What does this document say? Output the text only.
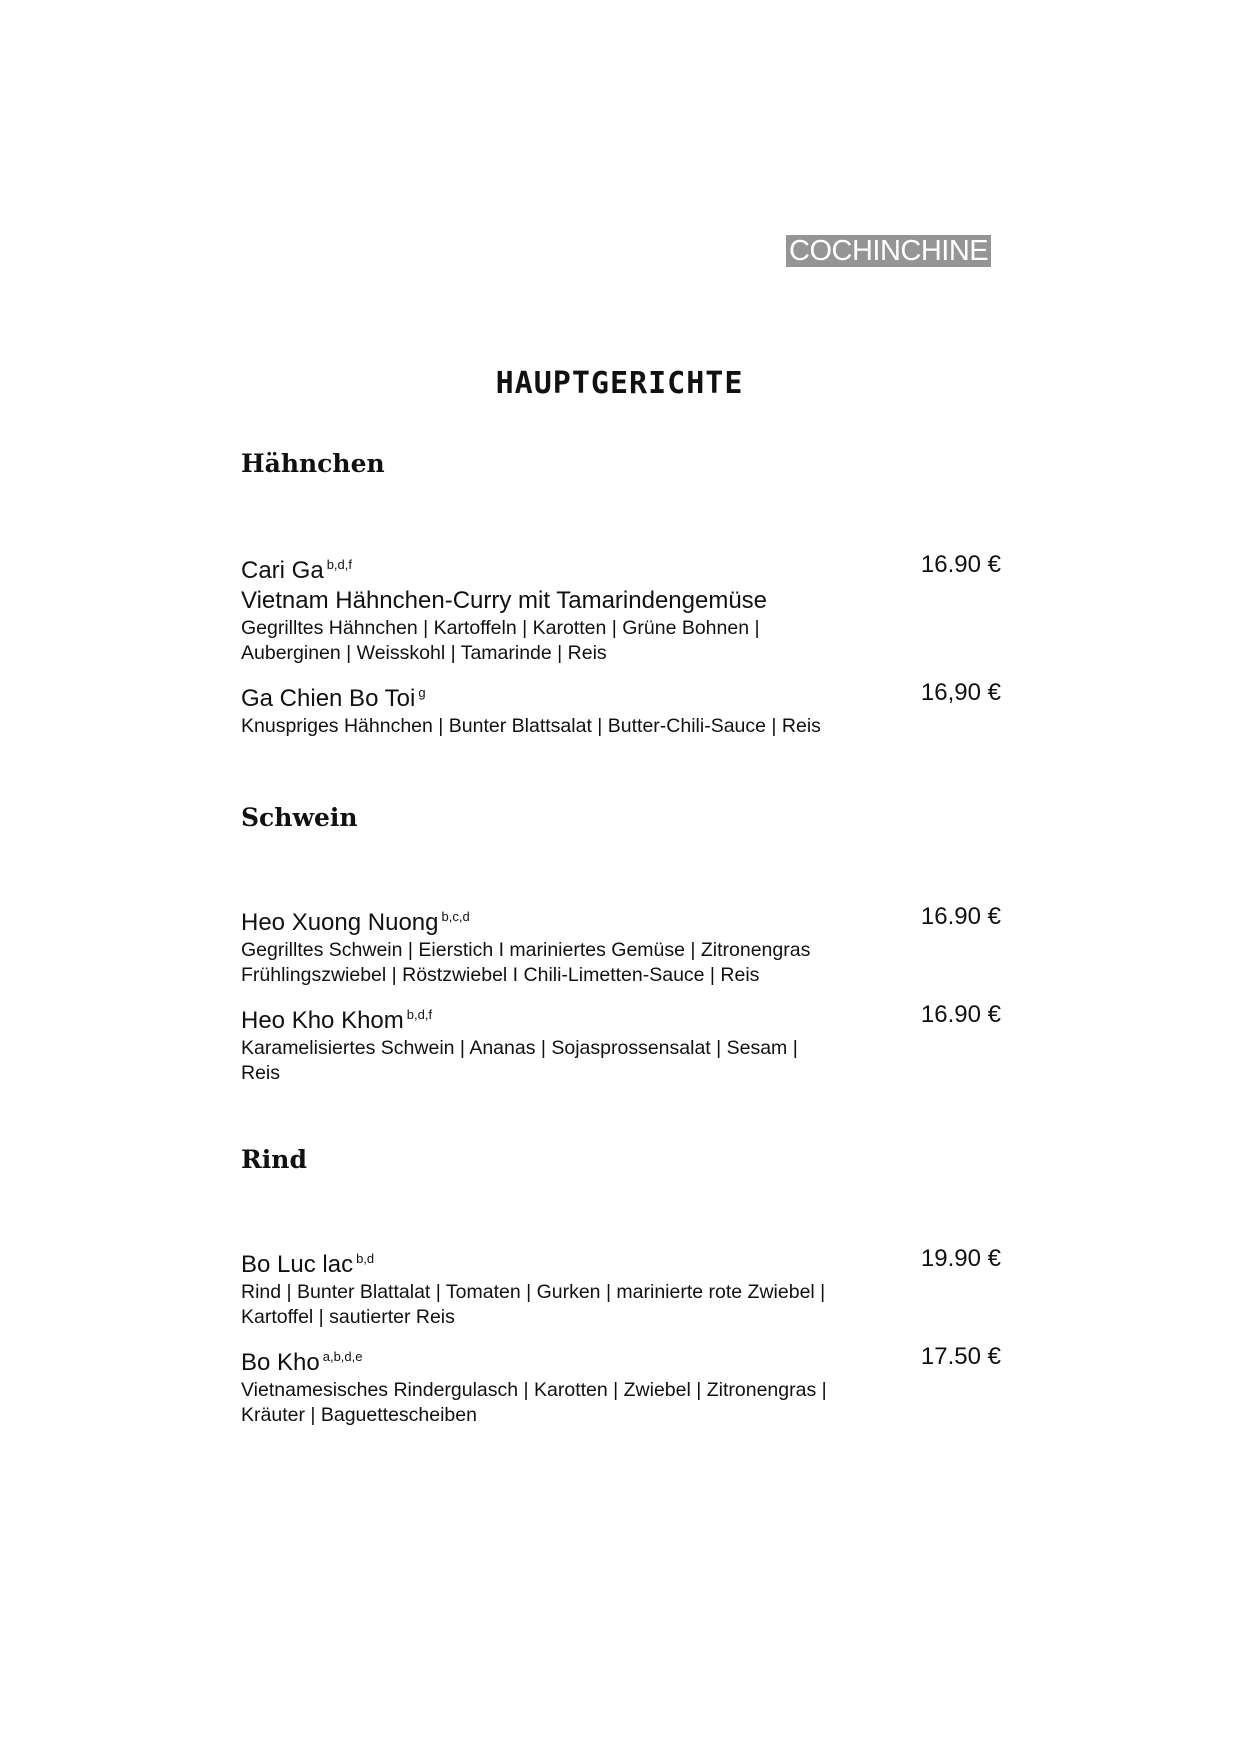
COCHINCHINE
HAUPTGERICHTE
Hähnchen
Cari Ga $^{b,d,f}$
Vietnam Hähnchen-Curry mit Tamarindengemüse
Gegrilltes Hähnchen | Kartoffeln | Karotten | Grüne Bohnen |
Auberginen | Weisskohl | Tamarinde | Reis
16.90 €
Ga Chien Bo Toi $^g$
Knuspriges Hähnchen | Bunter Blattsalat | Butter-Chili-Sauce | Reis
16,90 €
Schwein
Heo Xuong Nuong $^{b,c,d}$
Gegrilltes Schwein | Eierstich I mariniertes Gemüse | Zitronengras
Frühlingszwiebel | Röstzwiebel I Chili-Limetten-Sauce | Reis
16.90 €
Heo Kho Khom $^{b,d,f}$
Karamelisiertes Schwein | Ananas | Sojasprossensalat | Sesam |
Reis
16.90 €
Rind
Bo Luc lac $^{b,d}$
Rind | Bunter Blattalat | Tomaten | Gurken | marinierte rote Zwiebel |
Kartoffel | sautierter Reis
19.90 €
Bo Kho $^{a,b,d,e}$
Vietnamesisches Rindergulasch | Karotten | Zwiebel | Zitronengras |
Kräuter | Baguettescheiben
17.50 €
